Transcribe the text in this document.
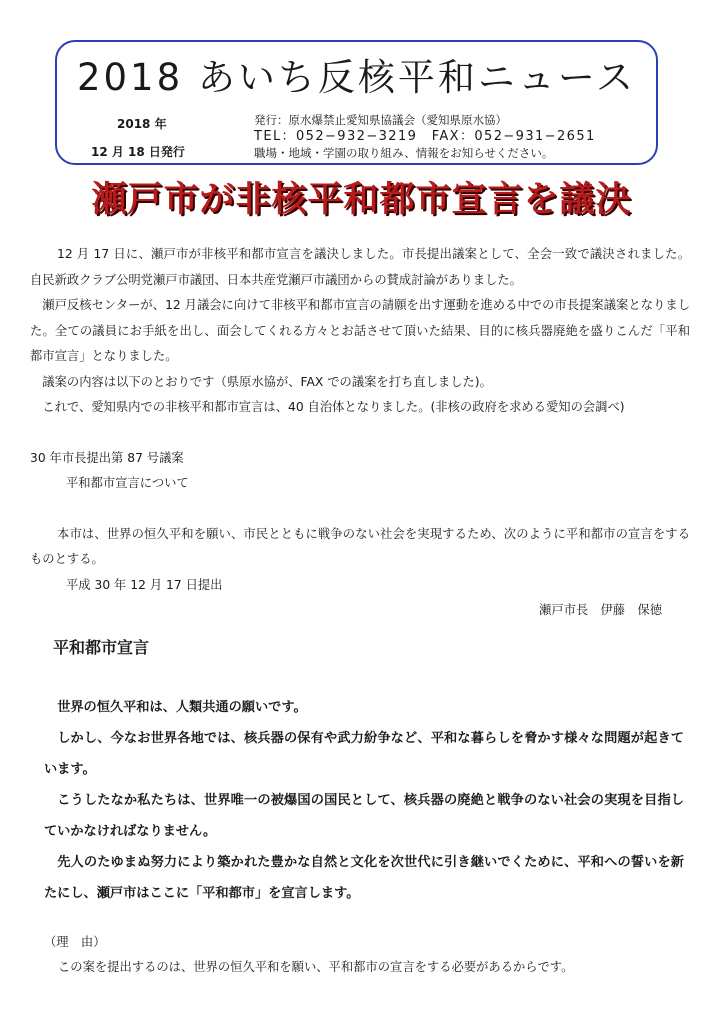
2018 あいち反核平和ニュース
2018 年
12 月 18 日発行
発行：原水爆禁止愛知県協議会（愛知県原水協）
TEL：052−932−3219　FAX：052−931−2651
職場・地域・学園の取り組み、情報をお知らせください。
瀬戸市が非核平和都市宣言を議決

12 月 17 日に、瀬戸市が非核平和都市宣言を議決しました。市長提出議案として、全会一致で議決されました。自民新政クラブ公明党瀬戸市議団、日本共産党瀬戸市議団からの賛成討論がありました。

瀬戸反核センターが、12 月議会に向けて非核平和都市宣言の請願を出す運動を進める中での市長提案議案となりました。全ての議員にお手紙を出し、面会してくれる方々とお話させて頂いた結果、目的に核兵器廃絶を盛りこんだ「平和都市宣言」となりました。

議案の内容は以下のとおりです（県原水協が、FAX での議案を打ち直しました)。

これで、愛知県内での非核平和都市宣言は、40 自治体となりました。(非核の政府を求める愛知の会調べ)

30 年市長提出第 87 号議案

平和都市宣言について

本市は、世界の恒久平和を願い、市民とともに戦争のない社会を実現するため、次のように平和都市の宣言をするものとする。

平成 30 年 12 月 17 日提出

瀬戸市長　伊藤　保徳

平和都市宣言

世界の恒久平和は、人類共通の願いです。

しかし、今なお世界各地では、核兵器の保有や武力紛争など、平和な暮らしを脅かす様々な問題が起きています。

こうしたなか私たちは、世界唯一の被爆国の国民として、核兵器の廃絶と戦争のない社会の実現を目指していかなければなりません。

先人のたゆまぬ努力により築かれた豊かな自然と文化を次世代に引き継いでくために、平和への誓いを新たにし、瀬戸市はここに「平和都市」を宣言します。

（理　由）
この案を提出するのは、世界の恒久平和を願い、平和都市の宣言をする必要があるからです。
